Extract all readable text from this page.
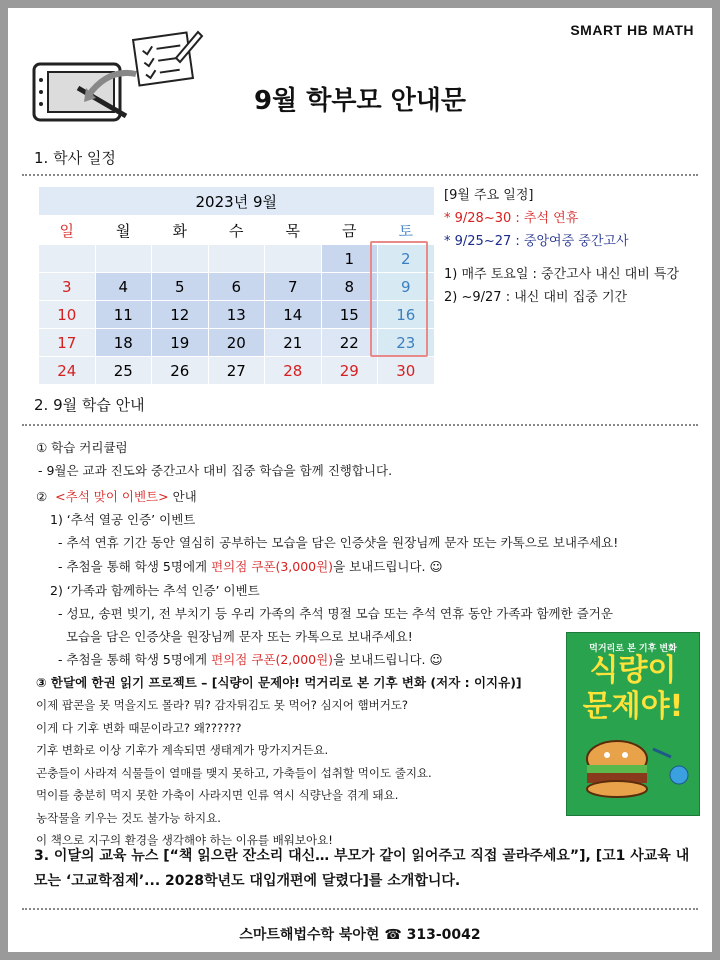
SMART HB MATH
9월 학부모 안내문
1. 학사 일정
2023년 9월						
일	월	화	수	목	금	토
					1	2
3	4	5	6	7	8	9
10	11	12	13	14	15	16
17	18	19	20	21	22	23
24	25	26	27	28	29	30
[9월 주요 일정]
* 9/28~30 : 추석 연휴
* 9/25~27 : 중앙여중 중간고사
1) 매주 토요일 : 중간고사 내신 대비 특강
2) ~9/27 : 내신 대비 집중 기간
2. 9월 학습 안내
① 학습 커리큘럼
- 9월은 교과 진도와 중간고사 대비 집중 학습을 함께 진행합니다.
② <추석 맞이 이벤트> 안내
1) ‘추석 열공 인증’ 이벤트
- 추석 연휴 기간 동안 열심히 공부하는 모습을 담은 인증샷을 원장님께 문자 또는 카톡으로 보내주세요!
- 추첨을 통해 학생 5명에게 편의점 쿠폰(3,000원)을 보내드립니다. ☺
2) ‘가족과 함께하는 추석 인증’ 이벤트
- 성묘, 송편 빚기, 전 부치기 등 우리 가족의 추석 명절 모습 또는 추석 연휴 동안 가족과 함께한 즐거운
모습을 담은 인증샷을 원장님께 문자 또는 카톡으로 보내주세요!
- 추첨을 통해 학생 5명에게 편의점 쿠폰(2,000원)을 보내드립니다. ☺
③ 한달에 한권 읽기 프로젝트 – [식량이 문제야! 먹거리로 본 기후 변화 (저자 : 이지유)]
이제 팝콘을 못 먹을지도 몰라? 뭐? 감자튀김도 못 먹어? 심지어 햄버거도?
이게 다 기후 변화 때문이라고? 왜??????
기후 변화로 이상 기후가 계속되면 생태계가 망가지거든요.
곤충들이 사라져 식물들이 열매를 맺지 못하고, 가축들이 섭취할 먹이도 줄지요.
먹이를 충분히 먹지 못한 가축이 사라지면 인류 역시 식량난을 겪게 돼요.
농작물을 키우는 것도 불가능 하지요.
이 책으로 지구의 환경을 생각해야 하는 이유를 배워보아요!
먹거리로 본 기후 변화
식량이
문제야!
3. 이달의 교육 뉴스 [“책 읽으란 잔소리 대신… 부모가 같이 읽어주고 직접 골라주세요”], [고1 사교육 내모는 ‘고교학점제’... 2028학년도 대입개편에 달렸다]를 소개합니다.
스마트해법수학 북아현 ☎ 313-0042
